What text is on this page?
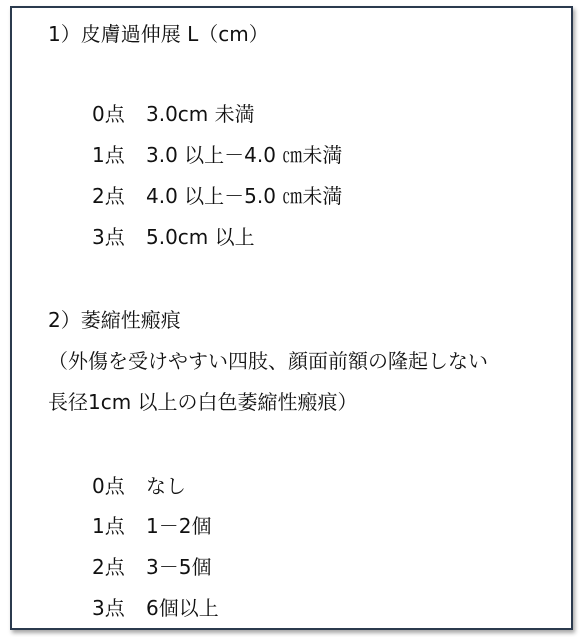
1）皮膚過伸展 L（cm）
0点 3.0cm 未満
1点 3.0 以上－4.0 ㎝未満
2点 4.0 以上－5.0 ㎝未満
3点 5.0cm 以上
2）萎縮性瘢痕
（外傷を受けやすい四肢、顔面前額の隆起しない
長径1cm 以上の白色萎縮性瘢痕）
0点 なし
1点 1－2個
2点 3－5個
3点 6個以上
